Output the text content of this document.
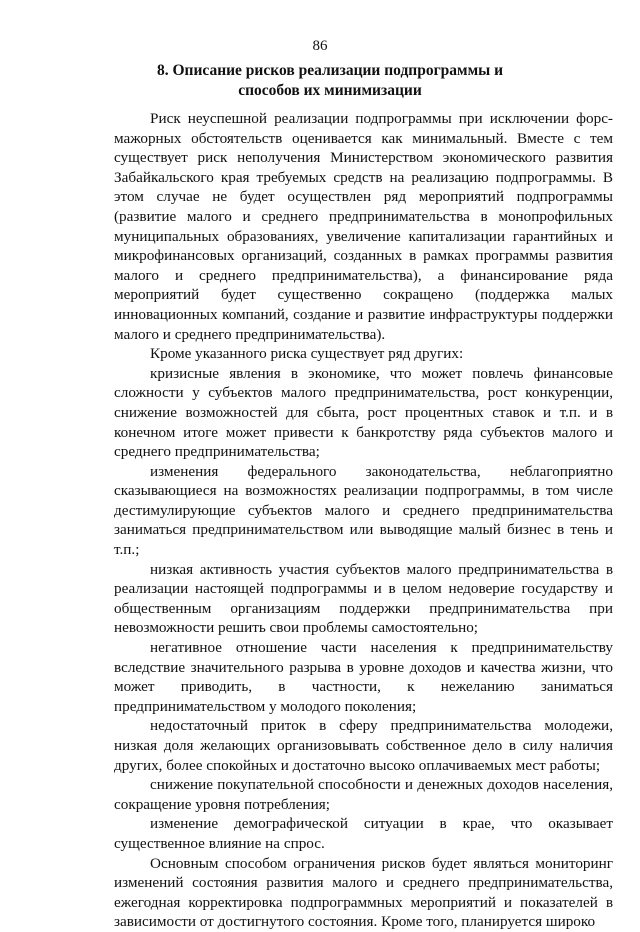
86
8. Описание рисков реализации подпрограммы и способов их минимизации

Риск неуспешной реализации подпрограммы при исключении форс-мажорных обстоятельств оценивается как минимальный. Вместе с тем существует риск неполучения Министерством экономического развития Забайкальского края требуемых средств на реализацию подпрограммы. В этом случае не будет осуществлен ряд мероприятий подпрограммы (развитие малого и среднего предпринимательства в монопрофильных муниципальных образованиях, увеличение капитализации гарантийных и микрофинансовых организаций, созданных в рамках программы развития малого и среднего предпринимательства), а финансирование ряда мероприятий будет существенно сокращено (поддержка малых инновационных компаний, создание и развитие инфраструктуры поддержки малого и среднего предпринимательства).

Кроме указанного риска существует ряд других:

кризисные явления в экономике, что может повлечь финансовые сложности у субъектов малого предпринимательства, рост конкуренции, снижение возможностей для сбыта, рост процентных ставок и т.п. и в конечном итоге может привести к банкротству ряда субъектов малого и среднего предпринимательства;

изменения федерального законодательства, неблагоприятно сказывающиеся на возможностях реализации подпрограммы, в том числе дестимулирующие субъектов малого и среднего предпринимательства заниматься предпринимательством или выводящие малый бизнес в тень и т.п.;

низкая активность участия субъектов малого предпринимательства в реализации настоящей подпрограммы и в целом недоверие государству и общественным организациям поддержки предпринимательства при невозможности решить свои проблемы самостоятельно;

негативное отношение части населения к предпринимательству вследствие значительного разрыва в уровне доходов и качества жизни, что может приводить, в частности, к нежеланию заниматься предпринимательством у молодого поколения;

недостаточный приток в сферу предпринимательства молодежи, низкая доля желающих организовывать собственное дело в силу наличия других, более спокойных и достаточно высоко оплачиваемых мест работы;

снижение покупательной способности и денежных доходов населения, сокращение уровня потребления;

изменение демографической ситуации в крае, что оказывает существенное влияние на спрос.

Основным способом ограничения рисков будет являться мониторинг изменений состояния развития малого и среднего предпринимательства, ежегодная корректировка подпрограммных мероприятий и показателей в зависимости от достигнутого состояния. Кроме того, планируется широко
